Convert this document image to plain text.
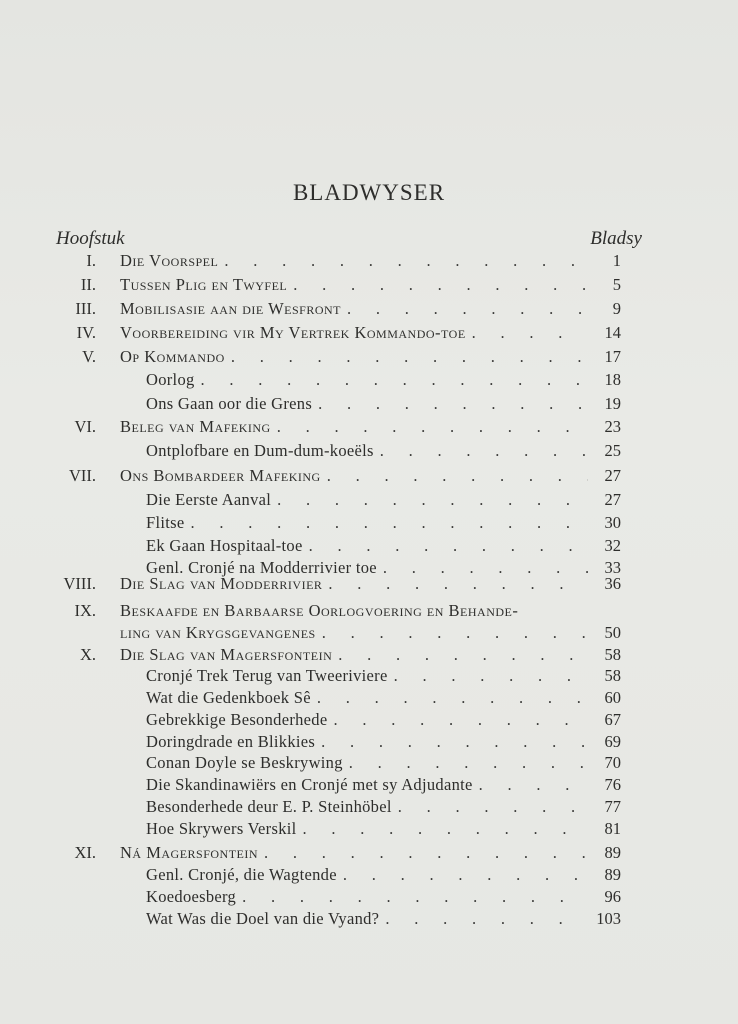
BLADWYSER
Hoofstuk	Bladsy
I. Die Voorspel .	1
II. Tussen Plig en Twyfel .	5
III. Mobilisasie aan die Wesfront .	9
IV. Voorbereiding vir My Vertrek Kommando-toe .	14
V. Op Kommando .	17
Oorlog .	18
Ons Gaan oor die Grens .	19
VI. Beleg van Mafeking .	23
Ontplofbare en Dum-dum-koeëls .	25
VII. Ons Bombardeer Mafeking .	27
Die Eerste Aanval .	27
Flitse .	30
Ek Gaan Hospitaal-toe .	32
Genl. Cronjé na Modderrivier toe .	33
VIII. Die Slag van Modderrivier .	36
IX. Beskaafde en Barbaarse Oorlogvoering en Behande-
ling van Krygsgevangenes .	50
X. Die Slag van Magersfontein .	58
Cronjé Trek Terug van Tweeriviere .	58
Wat die Gedenkboek Sê .	60
Gebrekkige Besonderhede .	67
Doringdrade en Blikkies .	69
Conan Doyle se Beskrywing .	70
Die Skandinawiërs en Cronjé met sy Adjudante .	76
Besonderhede deur E. P. Steinhöbel .	77
Hoe Skrywers Verskil .	81
XI. Ná Magersfontein .	89
Genl. Cronjé, die Wagtende .	89
Koedoesberg .	96
Wat Was die Doel van die Vyand? .	103
